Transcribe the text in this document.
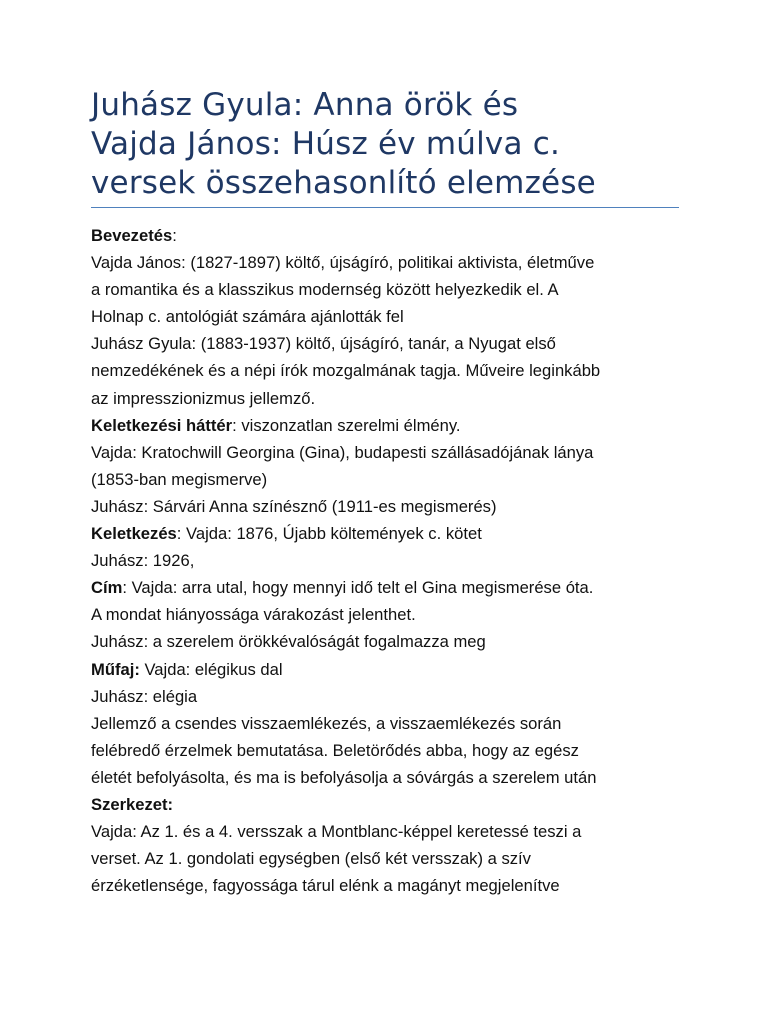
Juhász Gyula: Anna örök és
Vajda János: Húsz év múlva c.
versek összehasonlító elemzése
Bevezetés:
Vajda János: (1827-1897) költő, újságíró, politikai aktivista, életműve
a romantika és a klasszikus modernség között helyezkedik el. A
Holnap c. antológiát számára ajánlották fel
Juhász Gyula: (1883-1937) költő, újságíró, tanár, a Nyugat első
nemzedékének és a népi írók mozgalmának tagja. Műveire leginkább
az impresszionizmus jellemző.
Keletkezési háttér: viszonzatlan szerelmi élmény.
Vajda: Kratochwill Georgina (Gina), budapesti szállásadójának lánya
(1853-ban megismerve)
Juhász: Sárvári Anna színésznő (1911-es megismerés)
Keletkezés: Vajda: 1876, Újabb költemények c. kötet
Juhász: 1926,
Cím: Vajda: arra utal, hogy mennyi idő telt el Gina megismerése óta.
A mondat hiányossága várakozást jelenthet.
Juhász: a szerelem örökkévalóságát fogalmazza meg
Műfaj: Vajda: elégikus dal
Juhász: elégia
Jellemző a csendes visszaemlékezés, a visszaemlékezés során
felébredő érzelmek bemutatása. Beletörődés abba, hogy az egész
életét befolyásolta, és ma is befolyásolja a sóvárgás a szerelem után
Szerkezet:
Vajda: Az 1. és a 4. versszak a Montblanc-képpel keretessé teszi a
verset. Az 1. gondolati egységben (első két versszak) a szív
érzéketlensége, fagyossága tárul elénk a magányt megjelenítve
